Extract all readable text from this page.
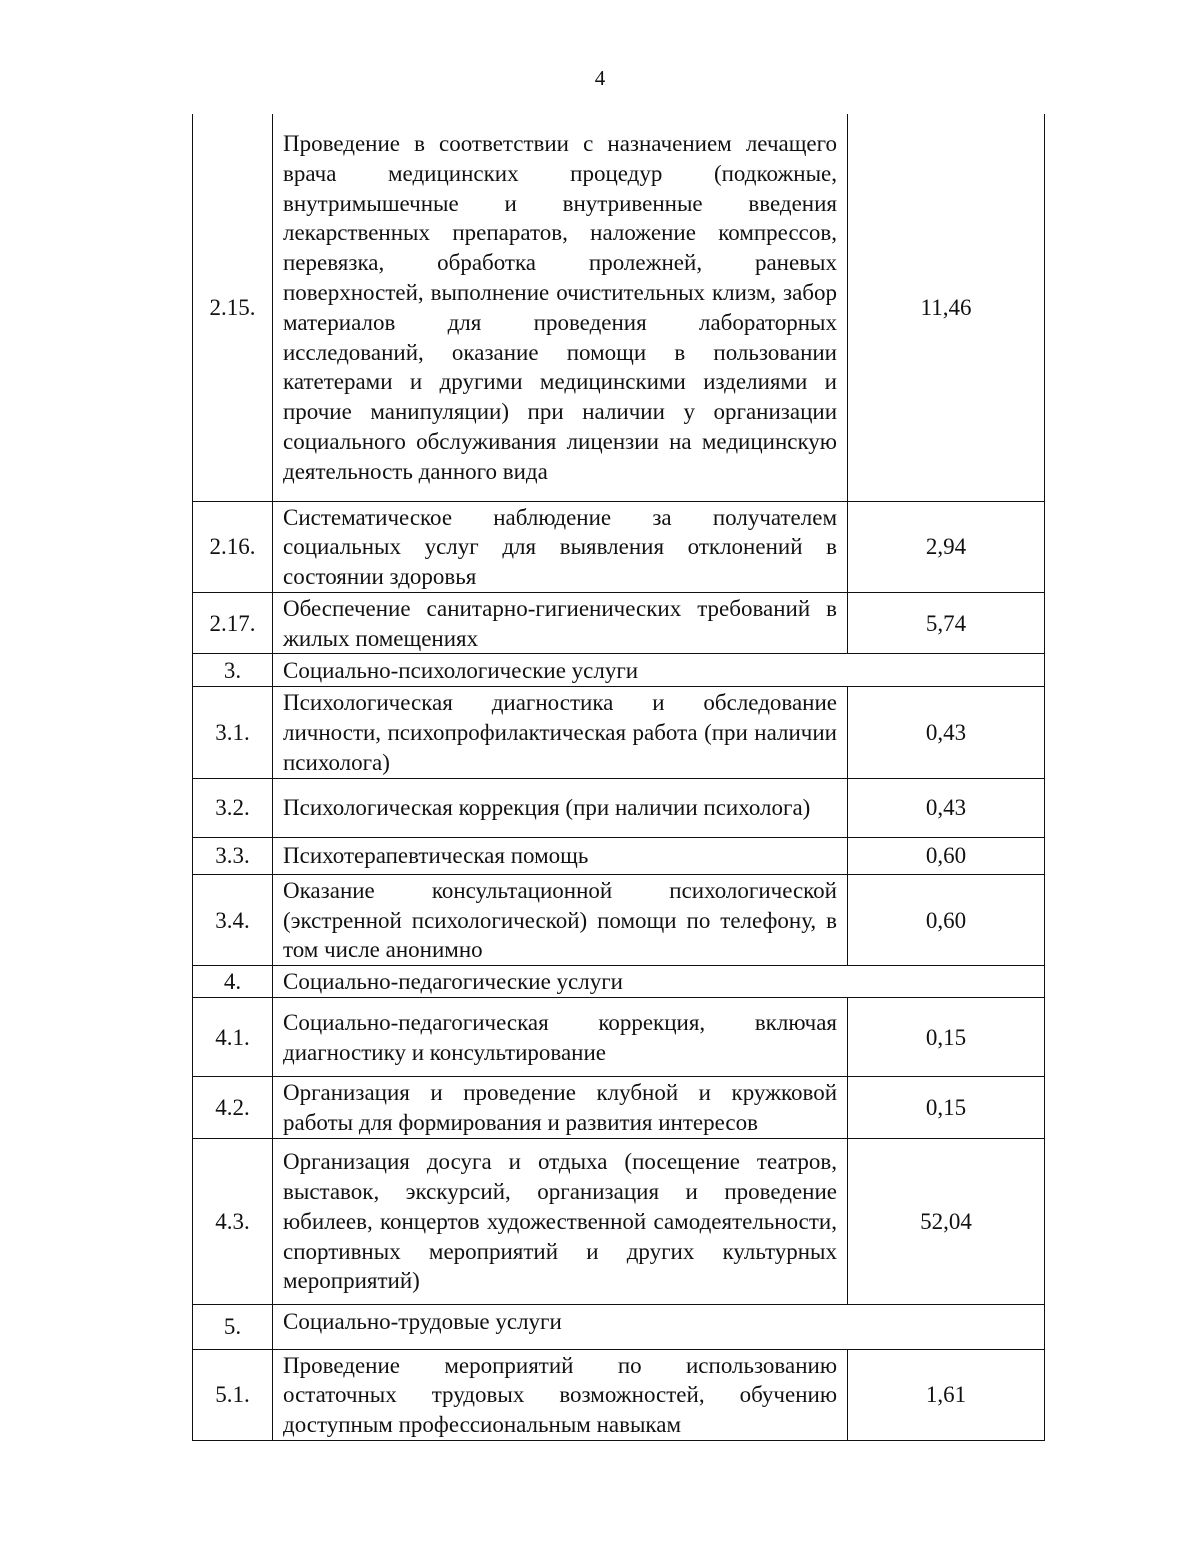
4
2.15.	Проведение в соответствии с назначением лечащего врача медицинских процедур (подкожные, внутримышечные и внутривенные введения лекарственных препаратов, наложение компрессов, перевязка, обработка пролежней, раневых поверхностей, выполнение очистительных клизм, забор материалов для проведения лабораторных исследований, оказание помощи в пользовании катетерами и другими медицинскими изделиями и прочие манипуляции) при наличии у организации социального обслуживания лицензии на медицинскую деятельность данного вида	11,46
2.16.	Систематическое наблюдение за получателем социальных услуг для выявления отклонений в состоянии здоровья	2,94
2.17.	Обеспечение санитарно-гигиенических требований в жилых помещениях	5,74
3.	Социально-психологические услуги	
3.1.	Психологическая диагностика и обследование личности, психопрофилактическая работа (при наличии психолога)	0,43
3.2.	Психологическая коррекция (при наличии психолога)	0,43
3.3.	Психотерапевтическая помощь	0,60
3.4.	Оказание консультационной психологической (экстренной психологической) помощи по телефону, в том числе анонимно	0,60
4.	Социально-педагогические услуги	
4.1.	Социально-педагогическая коррекция, включая диагностику и консультирование	0,15
4.2.	Организация и проведение клубной и кружковой работы для формирования и развития интересов	0,15
4.3.	Организация досуга и отдыха (посещение театров, выставок, экскурсий, организация и проведение юбилеев, концертов художественной самодеятельности, спортивных мероприятий и других культурных мероприятий)	52,04
5.	Социально-трудовые услуги	
5.1.	Проведение мероприятий по использованию остаточных трудовых возможностей, обучению доступным профессиональным навыкам	1,61
